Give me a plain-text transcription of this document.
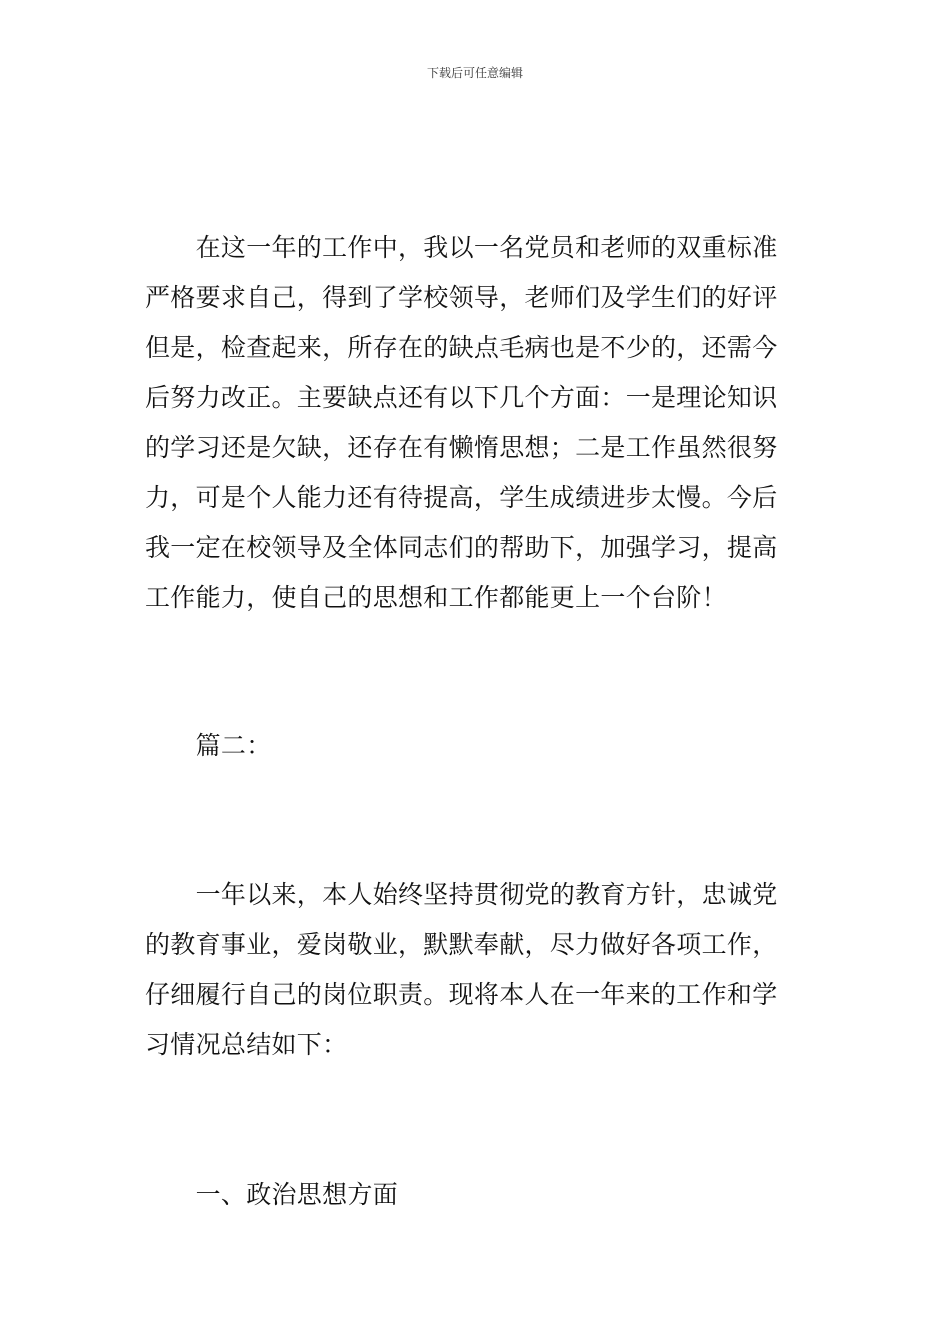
下载后可任意编辑
　　在这一年的工作中，我以一名党员和老师的双重标准
严格要求自己，得到了学校领导，老师们及学生们的好评
但是，检查起来，所存在的缺点毛病也是不少的，还需今
后努力改正。主要缺点还有以下几个方面：一是理论知识
的学习还是欠缺，还存在有懒惰思想；二是工作虽然很努
力，可是个人能力还有待提高，学生成绩进步太慢。今后
我一定在校领导及全体同志们的帮助下，加强学习，提高
工作能力，使自己的思想和工作都能更上一个台阶！
　　篇二：
　　一年以来，本人始终坚持贯彻党的教育方针，忠诚党
的教育事业，爱岗敬业，默默奉献，尽力做好各项工作，
仔细履行自己的岗位职责。现将本人在一年来的工作和学
习情况总结如下：
　　一、政治思想方面
